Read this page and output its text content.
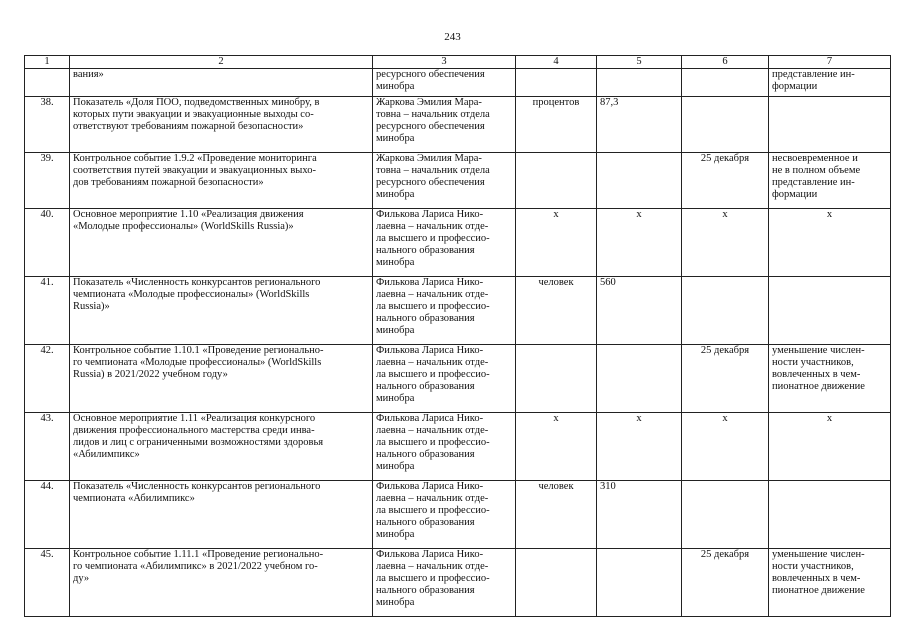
243
1	2	3	4	5	6	7
	вания»	ресурсного обеспечения
минобра				представление ин-
формации
38.	Показатель «Доля ПОО, подведомственных минобру, в
которых пути эвакуации и эвакуационные выходы со-
ответствуют требованиям пожарной безопасности»	Жаркова Эмилия Мара-
товна – начальник отдела
ресурсного обеспечения
минобра	процентов	87,3		
39.	Контрольное событие 1.9.2 «Проведение мониторинга
соответствия путей эвакуации и эвакуационных выхо-
дов требованиям пожарной безопасности»	Жаркова Эмилия Мара-
товна – начальник отдела
ресурсного обеспечения
минобра			25 декабря	несвоевременное и
не в полном объеме
представление ин-
формации
40.	Основное мероприятие 1.10 «Реализация движения
«Молодые профессионалы» (WorldSkills Russia)»	Филькова Лариса Нико-
лаевна – начальник отде-
ла высшего и профессио-
нального образования
минобра	x	x	x	x
41.	Показатель «Численность конкурсантов регионального
чемпионата «Молодые профессионалы» (WorldSkills
Russia)»	Филькова Лариса Нико-
лаевна – начальник отде-
ла высшего и профессио-
нального образования
минобра	человек	560		
42.	Контрольное событие 1.10.1 «Проведение регионально-
го чемпионата «Молодые профессионалы» (WorldSkills
Russia) в 2021/2022 учебном году»	Филькова Лариса Нико-
лаевна – начальник отде-
ла высшего и профессио-
нального образования
минобра			25 декабря	уменьшение числен-
ности участников,
вовлеченных в чем-
пионатное движение
43.	Основное мероприятие 1.11 «Реализация конкурсного
движения профессионального мастерства среди инва-
лидов и лиц с ограниченными возможностями здоровья
«Абилимпикс»	Филькова Лариса Нико-
лаевна – начальник отде-
ла высшего и профессио-
нального образования
минобра	x	x	x	x
44.	Показатель «Численность конкурсантов регионального
чемпионата «Абилимпикс»	Филькова Лариса Нико-
лаевна – начальник отде-
ла высшего и профессио-
нального образования
минобра	человек	310		
45.	Контрольное событие 1.11.1 «Проведение регионально-
го чемпионата «Абилимпикс» в 2021/2022 учебном го-
ду»	Филькова Лариса Нико-
лаевна – начальник отде-
ла высшего и профессио-
нального образования
минобра			25 декабря	уменьшение числен-
ности участников,
вовлеченных в чем-
пионатное движение
